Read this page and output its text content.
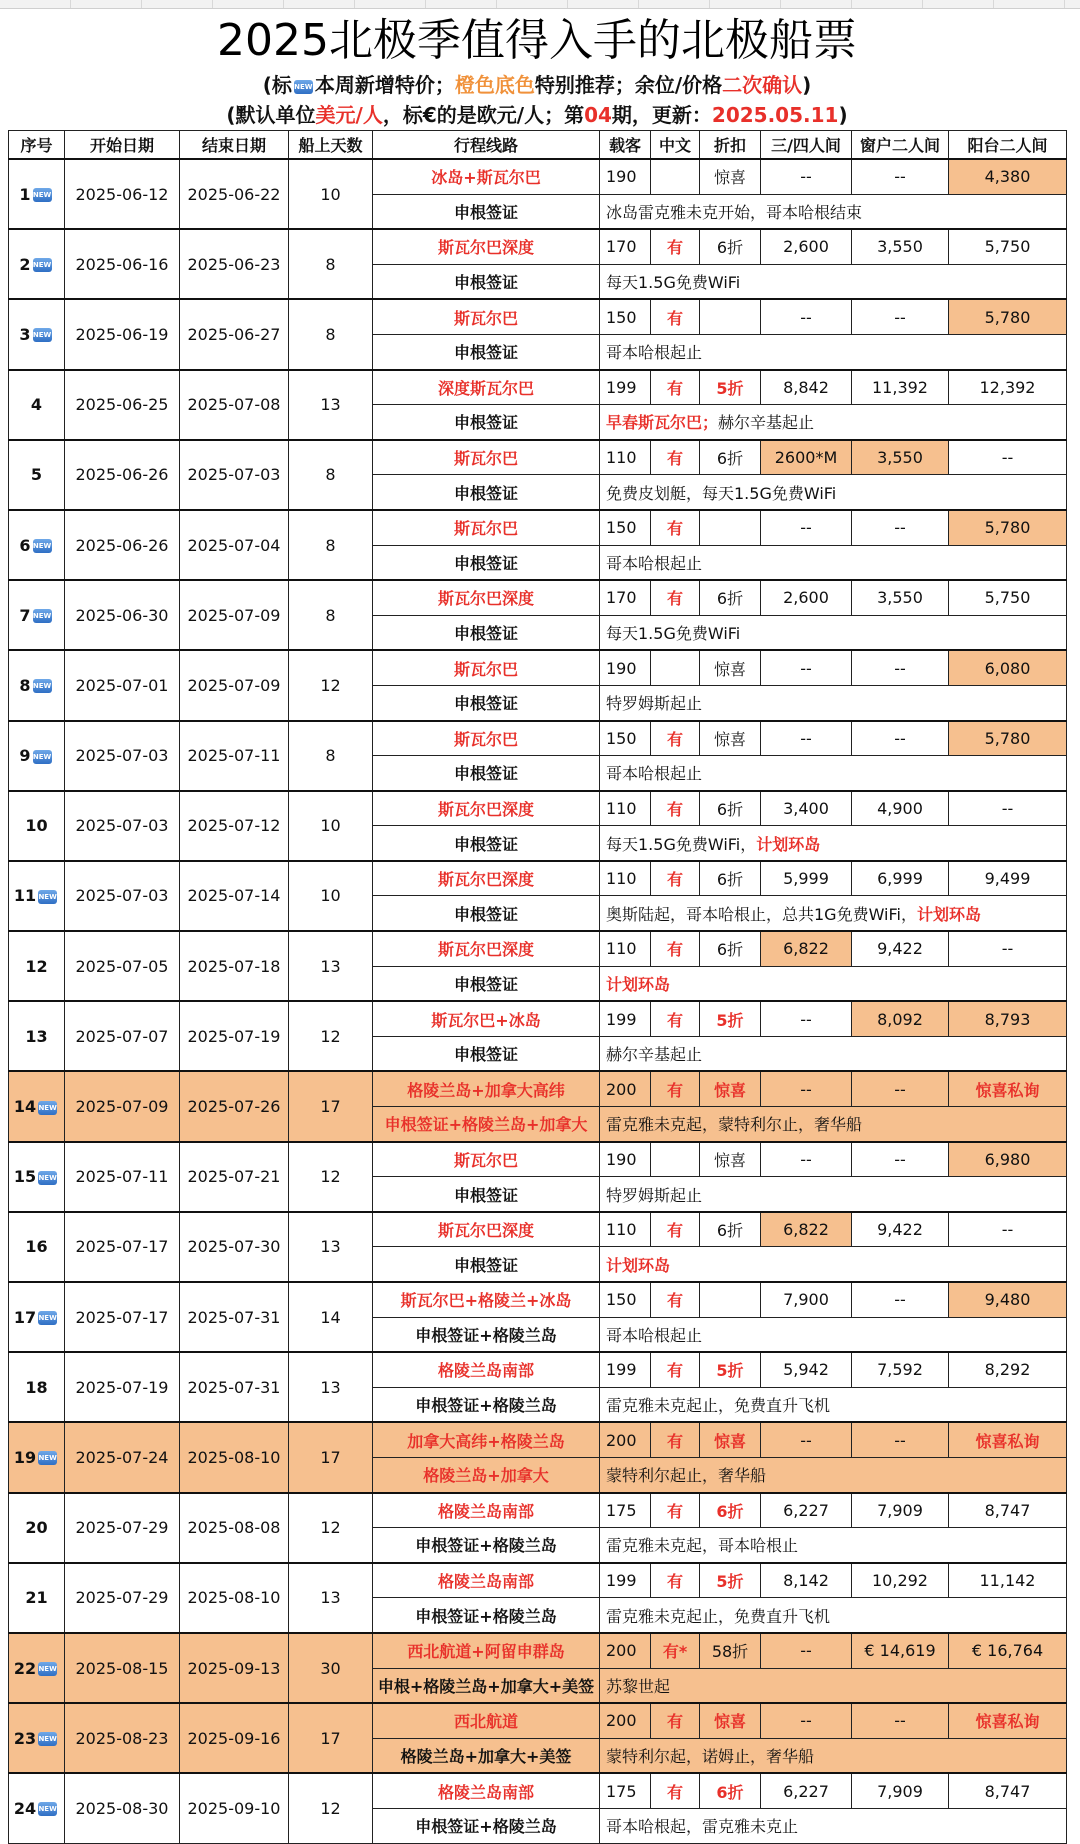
2025北极季值得入手的北极船票
(标 NEW 本周新增特价；橙色底色特别推荐；余位/价格二次确认)
(默认单位美元/人，标€的是欧元/人；第04期，更新：2025.05.11)
序号	开始日期	结束日期	船上天数	行程线路	载客	中文	折扣	三/四人间	窗户二人间	阳台二人间
1 NEW	2025-06-12	2025-06-22	10	冰岛+斯瓦尔巴	190		惊喜	--	--	4,380
				申根签证	冰岛雷克雅未克开始，哥本哈根结束					
2 NEW	2025-06-16	2025-06-23	8	斯瓦尔巴深度	170	有	6折	2,600	3,550	5,750
				申根签证	每天1.5G免费WiFi					
3 NEW	2025-06-19	2025-06-27	8	斯瓦尔巴	150	有		--	--	5,780
				申根签证	哥本哈根起止					
4	2025-06-25	2025-07-08	13	深度斯瓦尔巴	199	有	5折	8,842	11,392	12,392
				申根签证	早春斯瓦尔巴；赫尔辛基起止					
5	2025-06-26	2025-07-03	8	斯瓦尔巴	110	有	6折	2600*M	3,550	--
				申根签证	免费皮划艇，每天1.5G免费WiFi					
6 NEW	2025-06-26	2025-07-04	8	斯瓦尔巴	150	有		--	--	5,780
				申根签证	哥本哈根起止					
7 NEW	2025-06-30	2025-07-09	8	斯瓦尔巴深度	170	有	6折	2,600	3,550	5,750
				申根签证	每天1.5G免费WiFi					
8 NEW	2025-07-01	2025-07-09	12	斯瓦尔巴	190		惊喜	--	--	6,080
				申根签证	特罗姆斯起止					
9 NEW	2025-07-03	2025-07-11	8	斯瓦尔巴	150	有	惊喜	--	--	5,780
				申根签证	哥本哈根起止					
10	2025-07-03	2025-07-12	10	斯瓦尔巴深度	110	有	6折	3,400	4,900	--
				申根签证	每天1.5G免费WiFi，计划环岛					
11 NEW	2025-07-03	2025-07-14	10	斯瓦尔巴深度	110	有	6折	5,999	6,999	9,499
				申根签证	奥斯陆起，哥本哈根止，总共1G免费WiFi，计划环岛					
12	2025-07-05	2025-07-18	13	斯瓦尔巴深度	110	有	6折	6,822	9,422	--
				申根签证	计划环岛					
13	2025-07-07	2025-07-19	12	斯瓦尔巴+冰岛	199	有	5折	--	8,092	8,793
				申根签证	赫尔辛基起止					
14 NEW	2025-07-09	2025-07-26	17	格陵兰岛+加拿大高纬	200	有	惊喜	--	--	惊喜私询
				申根签证+格陵兰岛+加拿大	雷克雅未克起，蒙特利尔止，奢华船					
15 NEW	2025-07-11	2025-07-21	12	斯瓦尔巴	190		惊喜	--	--	6,980
				申根签证	特罗姆斯起止					
16	2025-07-17	2025-07-30	13	斯瓦尔巴深度	110	有	6折	6,822	9,422	--
				申根签证	计划环岛					
17 NEW	2025-07-17	2025-07-31	14	斯瓦尔巴+格陵兰+冰岛	150	有		7,900	--	9,480
				申根签证+格陵兰岛	哥本哈根起止					
18	2025-07-19	2025-07-31	13	格陵兰岛南部	199	有	5折	5,942	7,592	8,292
				申根签证+格陵兰岛	雷克雅未克起止，免费直升飞机					
19 NEW	2025-07-24	2025-08-10	17	加拿大高纬+格陵兰岛	200	有	惊喜	--	--	惊喜私询
				格陵兰岛+加拿大	蒙特利尔起止，奢华船					
20	2025-07-29	2025-08-08	12	格陵兰岛南部	175	有	6折	6,227	7,909	8,747
				申根签证+格陵兰岛	雷克雅未克起，哥本哈根止					
21	2025-07-29	2025-08-10	13	格陵兰岛南部	199	有	5折	8,142	10,292	11,142
				申根签证+格陵兰岛	雷克雅未克起止，免费直升飞机					
22 NEW	2025-08-15	2025-09-13	30	西北航道+阿留申群岛	200	有*	58折	--	€ 14,619	€ 16,764
				申根+格陵兰岛+加拿大+美签	苏黎世起					
23 NEW	2025-08-23	2025-09-16	17	西北航道	200	有	惊喜	--	--	惊喜私询
				格陵兰岛+加拿大+美签	蒙特利尔起，诺姆止，奢华船					
24 NEW	2025-08-30	2025-09-10	12	格陵兰岛南部	175	有	6折	6,227	7,909	8,747
				申根签证+格陵兰岛	哥本哈根起，雷克雅未克止					
